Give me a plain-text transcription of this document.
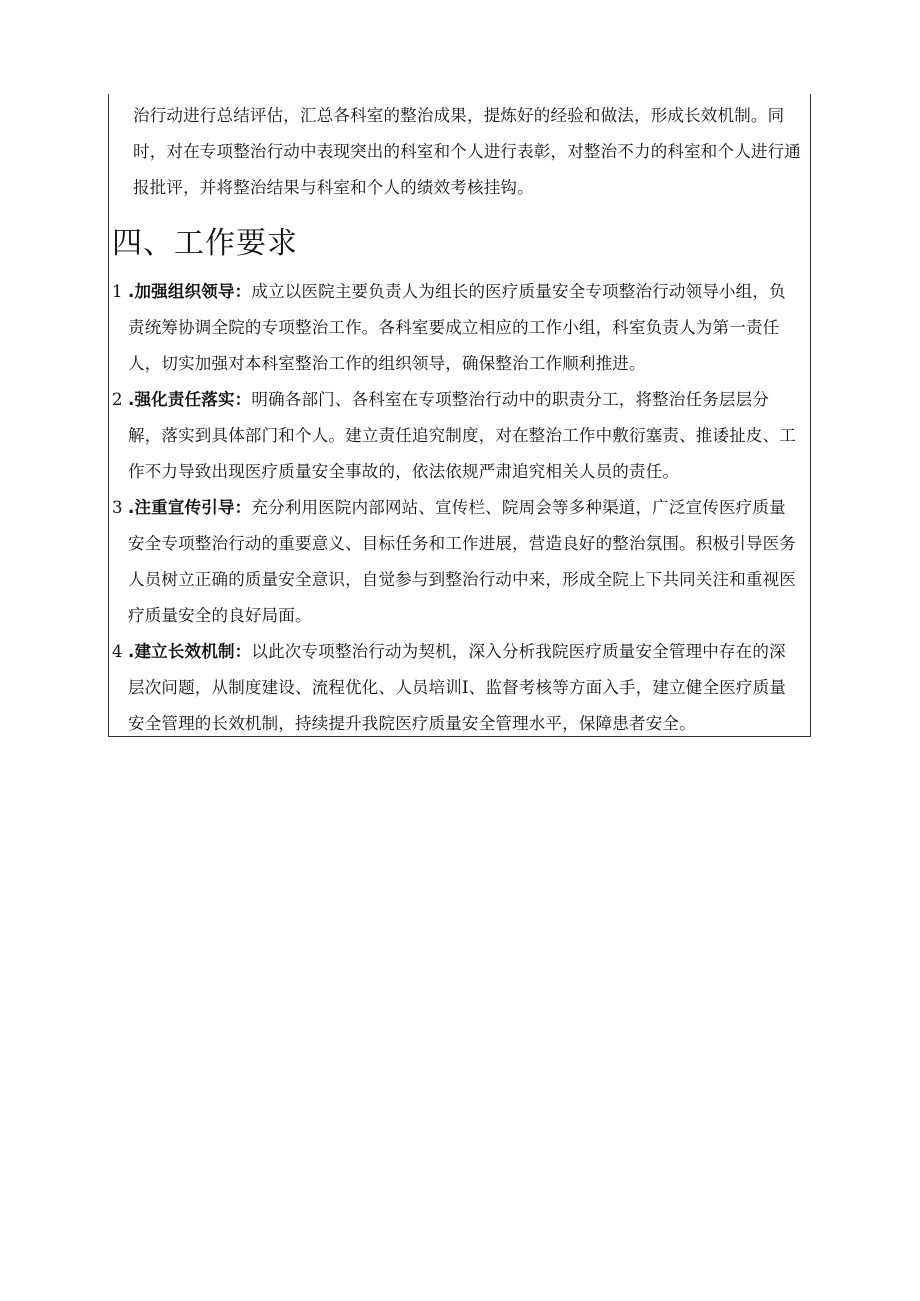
治行动进行总结评估，汇总各科室的整治成果，提炼好的经验和做法，形成长效机制。同时，对在专项整治行动中表现突出的科室和个人进行表彰，对整治不力的科室和个人进行通报批评，并将整治结果与科室和个人的绩效考核挂钩。

四、工作要求
1 .加强组织领导：成立以医院主要负责人为组长的医疗质量安全专项整治行动领导小组，负责统筹协调全院的专项整治工作。各科室要成立相应的工作小组，科室负责人为第一责任人，切实加强对本科室整治工作的组织领导，确保整治工作顺利推进。

2 .强化责任落实：明确各部门、各科室在专项整治行动中的职责分工，将整治任务层层分解，落实到具体部门和个人。建立责任追究制度，对在整治工作中敷衍塞责、推诿扯皮、工作不力导致出现医疗质量安全事故的，依法依规严肃追究相关人员的责任。

3 .注重宣传引导：充分利用医院内部网站、宣传栏、院周会等多种渠道，广泛宣传医疗质量安全专项整治行动的重要意义、目标任务和工作进展，营造良好的整治氛围。积极引导医务人员树立正确的质量安全意识，自觉参与到整治行动中来，形成全院上下共同关注和重视医疗质量安全的良好局面。

4 .建立长效机制：以此次专项整治行动为契机，深入分析我院医疗质量安全管理中存在的深层次问题，从制度建设、流程优化、人员培训I、监督考核等方面入手，建立健全医疗质量安全管理的长效机制，持续提升我院医疗质量安全管理水平，保障患者安全。
